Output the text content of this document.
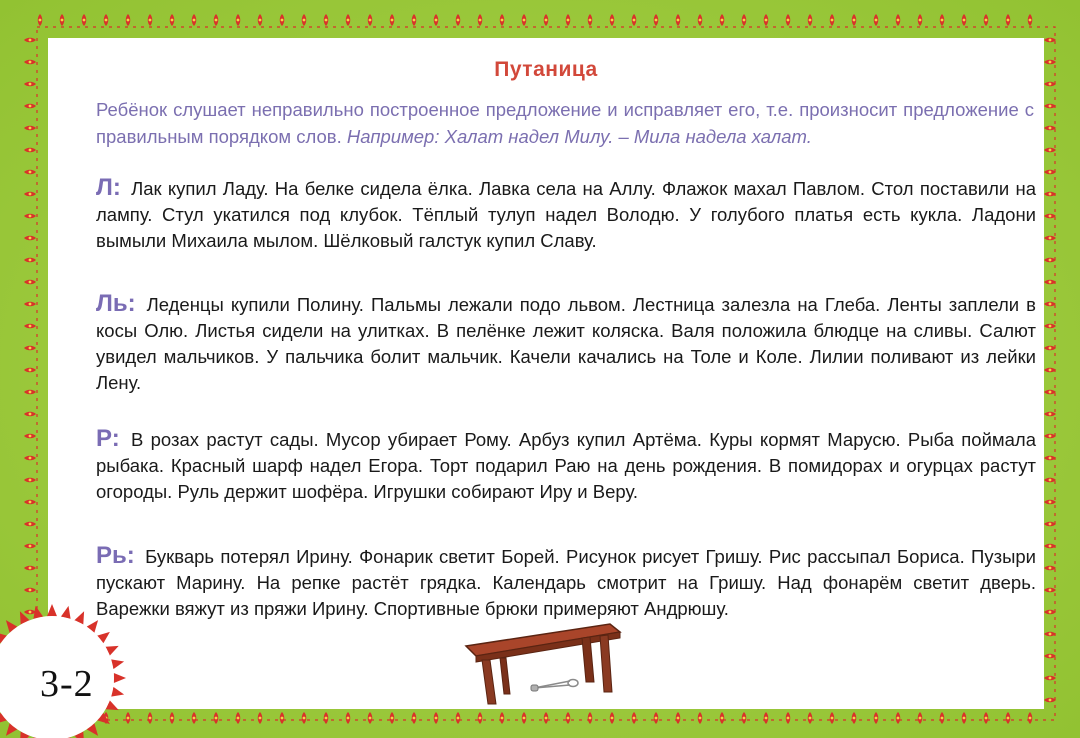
Путаница
Ребёнок слушает неправильно построенное предложение и исправляет его, т.е. произносит предложение с правильным порядком слов. Например: Халат надел Милу. – Мила надела халат.
Л: Лак купил Ладу. На белке сидела ёлка. Лавка села на Аллу. Флажок махал Павлом. Стол поставили на лампу. Стул укатился под клубок. Тёплый тулуп надел Володю. У голубого платья есть кукла. Ладони вымыли Михаила мылом. Шёлковый галстук купил Славу.
Ль: Леденцы купили Полину. Пальмы лежали подо львом. Лестница залезла на Глеба. Ленты заплели в косы Олю. Листья сидели на улитках. В пелёнке лежит коляска. Валя положила блюдце на сливы. Салют увидел мальчиков. У пальчика болит мальчик. Качели качались на Толе и Коле. Лилии поливают из лейки Лену.
Р: В розах растут сады. Мусор убирает Рому. Арбуз купил Артёма. Куры кормят Марусю. Рыба поймала рыбака. Красный шарф надел Егора. Торт подарил Раю на день рождения. В помидорах и огурцах растут огороды. Руль держит шофёра. Игрушки собирают Иру и Веру.
Рь: Букварь потерял Ирину. Фонарик светит Борей. Рисунок рисует Гришу. Рис рассыпал Бориса. Пузыри пускают Марину. На репке растёт грядка. Календарь смотрит на Гришу. Над фонарём светит дверь. Варежки вяжут из пряжи Ирину. Спортивные брюки примеряют Андрюшу.
3-2
